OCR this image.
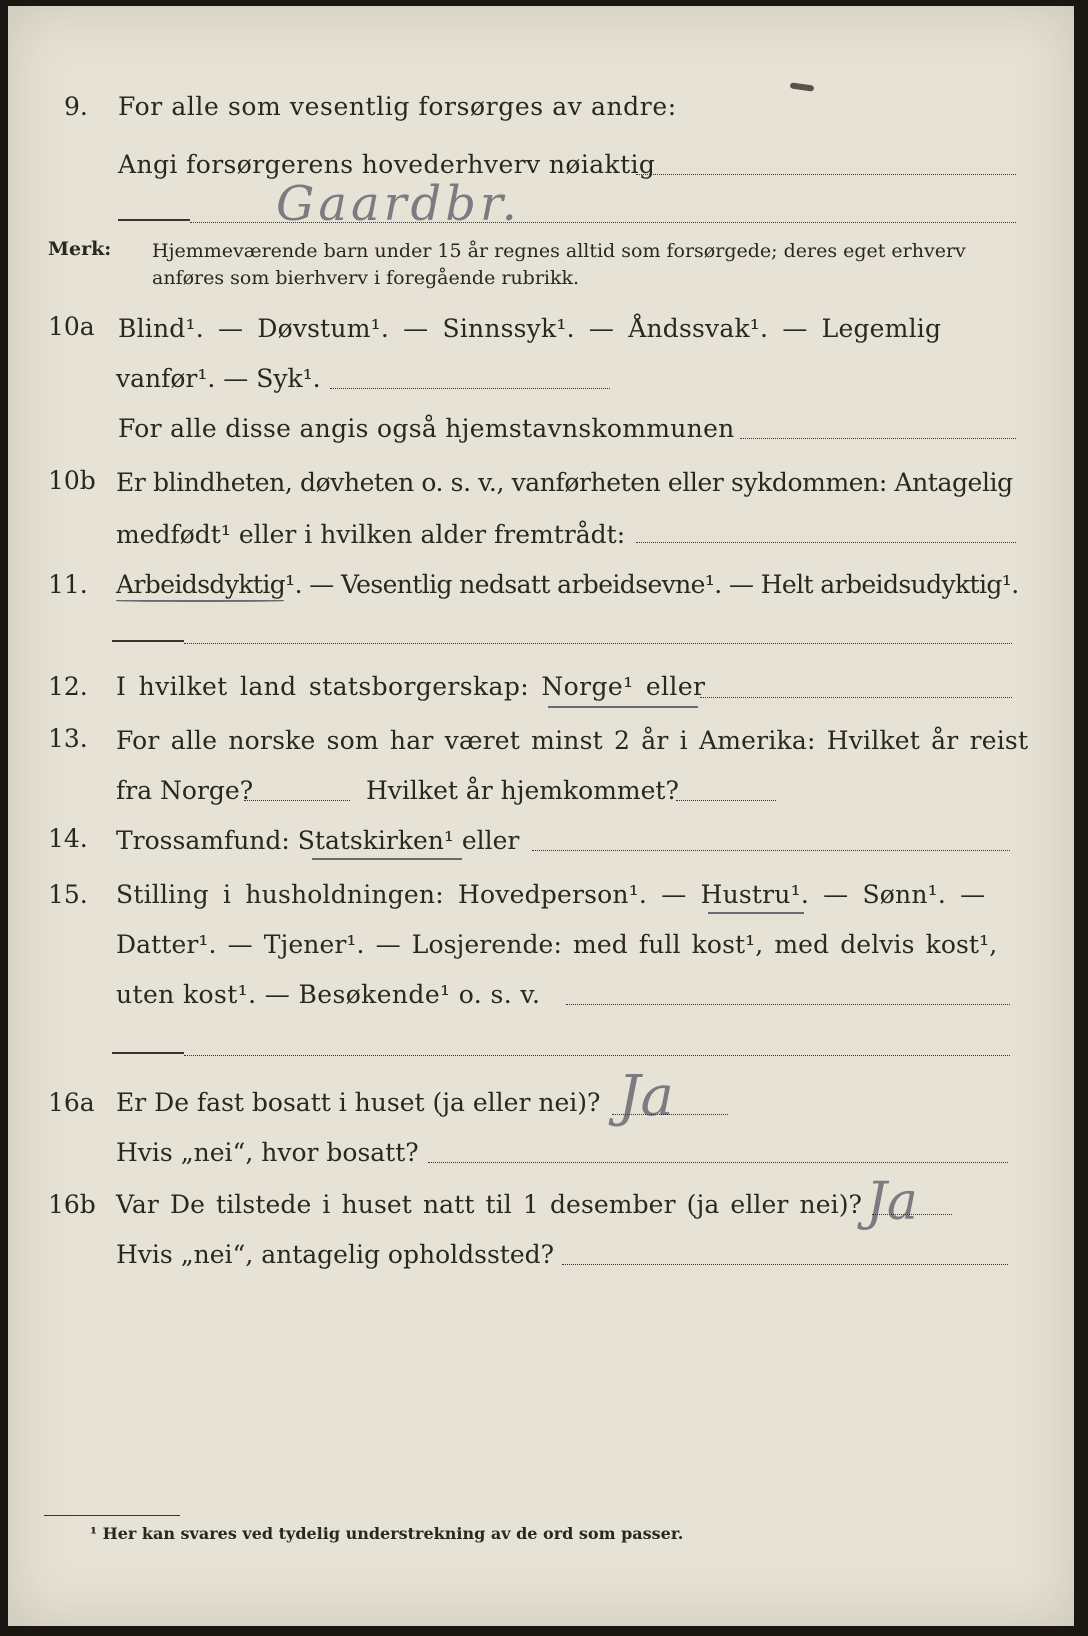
9. For alle som vesentlig forsørges av andre:
Angi forsørgerens hovederhverv nøiaktig
Gaardbr.
Merk: Hjemmeværende barn under 15 år regnes alltid som forsørgede; deres eget erhverv
anføres som bierhverv i foregående rubrikk.
10a Blind¹. — Døvstum¹. — Sinnssyk¹. — Åndssvak¹. — Legemlig
vanfør¹. — Syk¹.
For alle disse angis også hjemstavnskommunen
10b Er blindheten, døvheten o. s. v., vanførheten eller sykdommen: Antagelig
medfødt¹ eller i hvilken alder fremtrådt:
11. Arbeidsdyktig¹. — Vesentlig nedsatt arbeidsevne¹. — Helt arbeidsudyktig¹.
12. I hvilket land statsborgerskap: Norge¹ eller
13. For alle norske som har været minst 2 år i Amerika: Hvilket år reist
fra Norge?	Hvilket år hjemkommet?
14. Trossamfund: Statskirken¹ eller
15. Stilling i husholdningen: Hovedperson¹. — Hustru¹. — Sønn¹. —
Datter¹. — Tjener¹. — Losjerende: med full kost¹, med delvis kost¹,
uten kost¹. — Besøkende¹ o. s. v.
16a Er De fast bosatt i huset (ja eller nei)? Ja
Hvis „nei“, hvor bosatt?
16b Var De tilstede i huset natt til 1 desember (ja eller nei)? Ja
Hvis „nei“, antagelig opholdssted?
¹ Her kan svares ved tydelig understrekning av de ord som passer.
